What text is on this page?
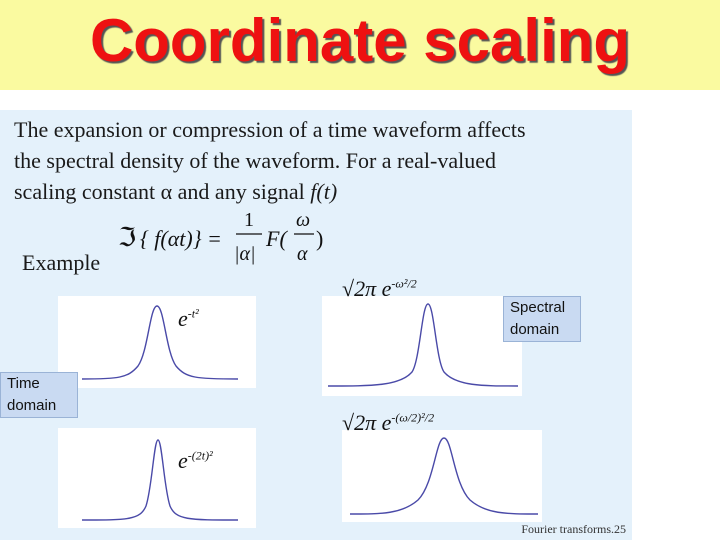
Coordinate scaling
The expansion or compression of a time waveform affects
the spectral density of the waveform. For a real-valued
scaling constant α and any signal f(t)
ℑ { f(αt)} =
1
|α|
F(
ω
α
)
Example
$e^{-t^2}$
$e^{-(2t)^2}$
√2π $e^{-\omega^2/2}$
√2π $e^{-(\omega/2)^2/2}$
Spectral
domain
Time
domain
Fourier transforms.25
